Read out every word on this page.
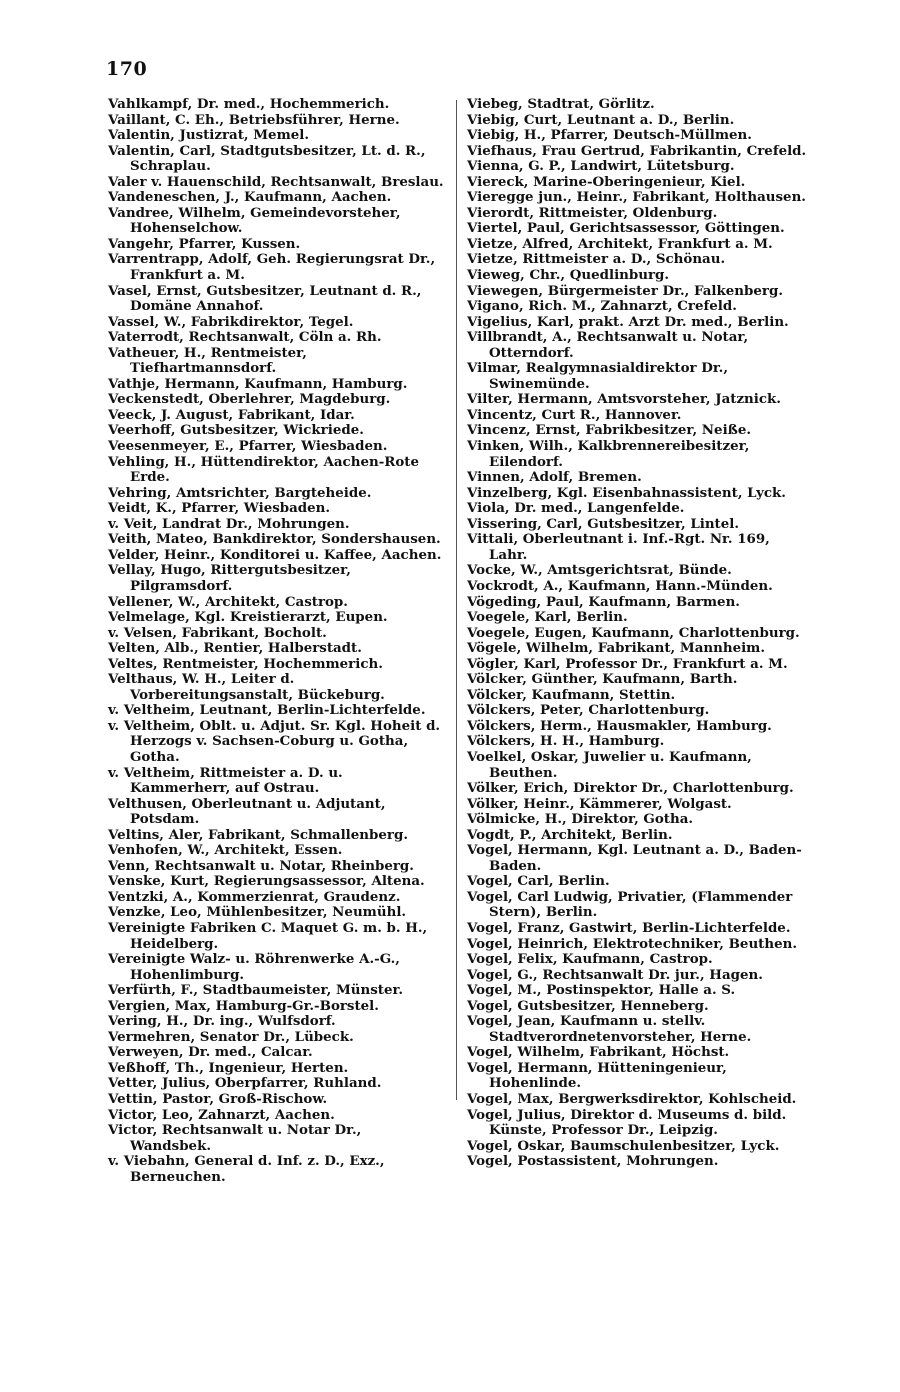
170
Vahlkampf, Dr. med., Hochemmerich.
Vaillant, C. Eh., Betriebsführer, Herne.
Valentin, Justizrat, Memel.
Valentin, Carl, Stadtgutsbesitzer, Lt. d. R., Schraplau.
Valer v. Hauenschild, Rechtsanwalt, Breslau.
Vandeneschen, J., Kaufmann, Aachen.
Vandree, Wilhelm, Gemeindevorsteher, Hohenselchow.
Vangehr, Pfarrer, Kussen.
Varrentrapp, Adolf, Geh. Regierungsrat Dr., Frankfurt a. M.
Vasel, Ernst, Gutsbesitzer, Leutnant d. R., Domäne Annahof.
Vassel, W., Fabrikdirektor, Tegel.
Vaterrodt, Rechtsanwalt, Cöln a. Rh.
Vatheuer, H., Rentmeister, Tiefhartmannsdorf.
Vathje, Hermann, Kaufmann, Hamburg.
Veckenstedt, Oberlehrer, Magdeburg.
Veeck, J. August, Fabrikant, Idar.
Veerhoff, Gutsbesitzer, Wickriede.
Veesenmeyer, E., Pfarrer, Wiesbaden.
Vehling, H., Hüttendirektor, Aachen-Rote Erde.
Vehring, Amtsrichter, Bargteheide.
Veidt, K., Pfarrer, Wiesbaden.
v. Veit, Landrat Dr., Mohrungen.
Veith, Mateo, Bankdirektor, Sondershausen.
Velder, Heinr., Konditorei u. Kaffee, Aachen.
Vellay, Hugo, Rittergutsbesitzer, Pilgramsdorf.
Vellener, W., Architekt, Castrop.
Velmelage, Kgl. Kreistierarzt, Eupen.
v. Velsen, Fabrikant, Bocholt.
Velten, Alb., Rentier, Halberstadt.
Veltes, Rentmeister, Hochemmerich.
Velthaus, W. H., Leiter d. Vorbereitungsanstalt, Bückeburg.
v. Veltheim, Leutnant, Berlin-Lichterfelde.
v. Veltheim, Oblt. u. Adjut. Sr. Kgl. Hoheit d. Herzogs v. Sachsen-Coburg u. Gotha, Gotha.
v. Veltheim, Rittmeister a. D. u. Kammerherr, auf Ostrau.
Velthusen, Oberleutnant u. Adjutant, Potsdam.
Veltins, Aler, Fabrikant, Schmallenberg.
Venhofen, W., Architekt, Essen.
Venn, Rechtsanwalt u. Notar, Rheinberg.
Venske, Kurt, Regierungsassessor, Altena.
Ventzki, A., Kommerzienrat, Graudenz.
Venzke, Leo, Mühlenbesitzer, Neumühl.
Vereinigte Fabriken C. Maquet G. m. b. H., Heidelberg.
Vereinigte Walz- u. Röhrenwerke A.-G., Hohenlimburg.
Verfürth, F., Stadtbaumeister, Münster.
Vergien, Max, Hamburg-Gr.-Borstel.
Vering, H., Dr. ing., Wulfsdorf.
Vermehren, Senator Dr., Lübeck.
Verweyen, Dr. med., Calcar.
Veßhoff, Th., Ingenieur, Herten.
Vetter, Julius, Oberpfarrer, Ruhland.
Vettin, Pastor, Groß-Rischow.
Victor, Leo, Zahnarzt, Aachen.
Victor, Rechtsanwalt u. Notar Dr., Wandsbek.
v. Viebahn, General d. Inf. z. D., Exz., Berneuchen.
Viebeg, Stadtrat, Görlitz.
Viebig, Curt, Leutnant a. D., Berlin.
Viebig, H., Pfarrer, Deutsch-Müllmen.
Viefhaus, Frau Gertrud, Fabrikantin, Crefeld.
Vienna, G. P., Landwirt, Lütetsburg.
Viereck, Marine-Oberingenieur, Kiel.
Vieregge jun., Heinr., Fabrikant, Holthausen.
Vierordt, Rittmeister, Oldenburg.
Viertel, Paul, Gerichtsassessor, Göttingen.
Vietze, Alfred, Architekt, Frankfurt a. M.
Vietze, Rittmeister a. D., Schönau.
Vieweg, Chr., Quedlinburg.
Viewegen, Bürgermeister Dr., Falkenberg.
Vigano, Rich. M., Zahnarzt, Crefeld.
Vigelius, Karl, prakt. Arzt Dr. med., Berlin.
Villbrandt, A., Rechtsanwalt u. Notar, Otterndorf.
Vilmar, Realgymnasialdirektor Dr., Swinemünde.
Vilter, Hermann, Amtsvorsteher, Jatznick.
Vincentz, Curt R., Hannover.
Vincenz, Ernst, Fabrikbesitzer, Neiße.
Vinken, Wilh., Kalkbrennereibesitzer, Eilendorf.
Vinnen, Adolf, Bremen.
Vinzelberg, Kgl. Eisenbahnassistent, Lyck.
Viola, Dr. med., Langenfelde.
Vissering, Carl, Gutsbesitzer, Lintel.
Vittali, Oberleutnant i. Inf.-Rgt. Nr. 169, Lahr.
Vocke, W., Amtsgerichtsrat, Bünde.
Vockrodt, A., Kaufmann, Hann.-Münden.
Vögeding, Paul, Kaufmann, Barmen.
Voegele, Karl, Berlin.
Voegele, Eugen, Kaufmann, Charlottenburg.
Vögele, Wilhelm, Fabrikant, Mannheim.
Vögler, Karl, Professor Dr., Frankfurt a. M.
Völcker, Günther, Kaufmann, Barth.
Völcker, Kaufmann, Stettin.
Völckers, Peter, Charlottenburg.
Völckers, Herm., Hausmakler, Hamburg.
Völckers, H. H., Hamburg.
Voelkel, Oskar, Juwelier u. Kaufmann, Beuthen.
Völker, Erich, Direktor Dr., Charlottenburg.
Völker, Heinr., Kämmerer, Wolgast.
Völmicke, H., Direktor, Gotha.
Vogdt, P., Architekt, Berlin.
Vogel, Hermann, Kgl. Leutnant a. D., Baden-Baden.
Vogel, Carl, Berlin.
Vogel, Carl Ludwig, Privatier, (Flammender Stern), Berlin.
Vogel, Franz, Gastwirt, Berlin-Lichterfelde.
Vogel, Heinrich, Elektrotechniker, Beuthen.
Vogel, Felix, Kaufmann, Castrop.
Vogel, G., Rechtsanwalt Dr. jur., Hagen.
Vogel, M., Postinspektor, Halle a. S.
Vogel, Gutsbesitzer, Henneberg.
Vogel, Jean, Kaufmann u. stellv. Stadtverordnetenvorsteher, Herne.
Vogel, Wilhelm, Fabrikant, Höchst.
Vogel, Hermann, Hütteningenieur, Hohenlinde.
Vogel, Max, Bergwerksdirektor, Kohlscheid.
Vogel, Julius, Direktor d. Museums d. bild. Künste, Professor Dr., Leipzig.
Vogel, Oskar, Baumschulenbesitzer, Lyck.
Vogel, Postassistent, Mohrungen.
